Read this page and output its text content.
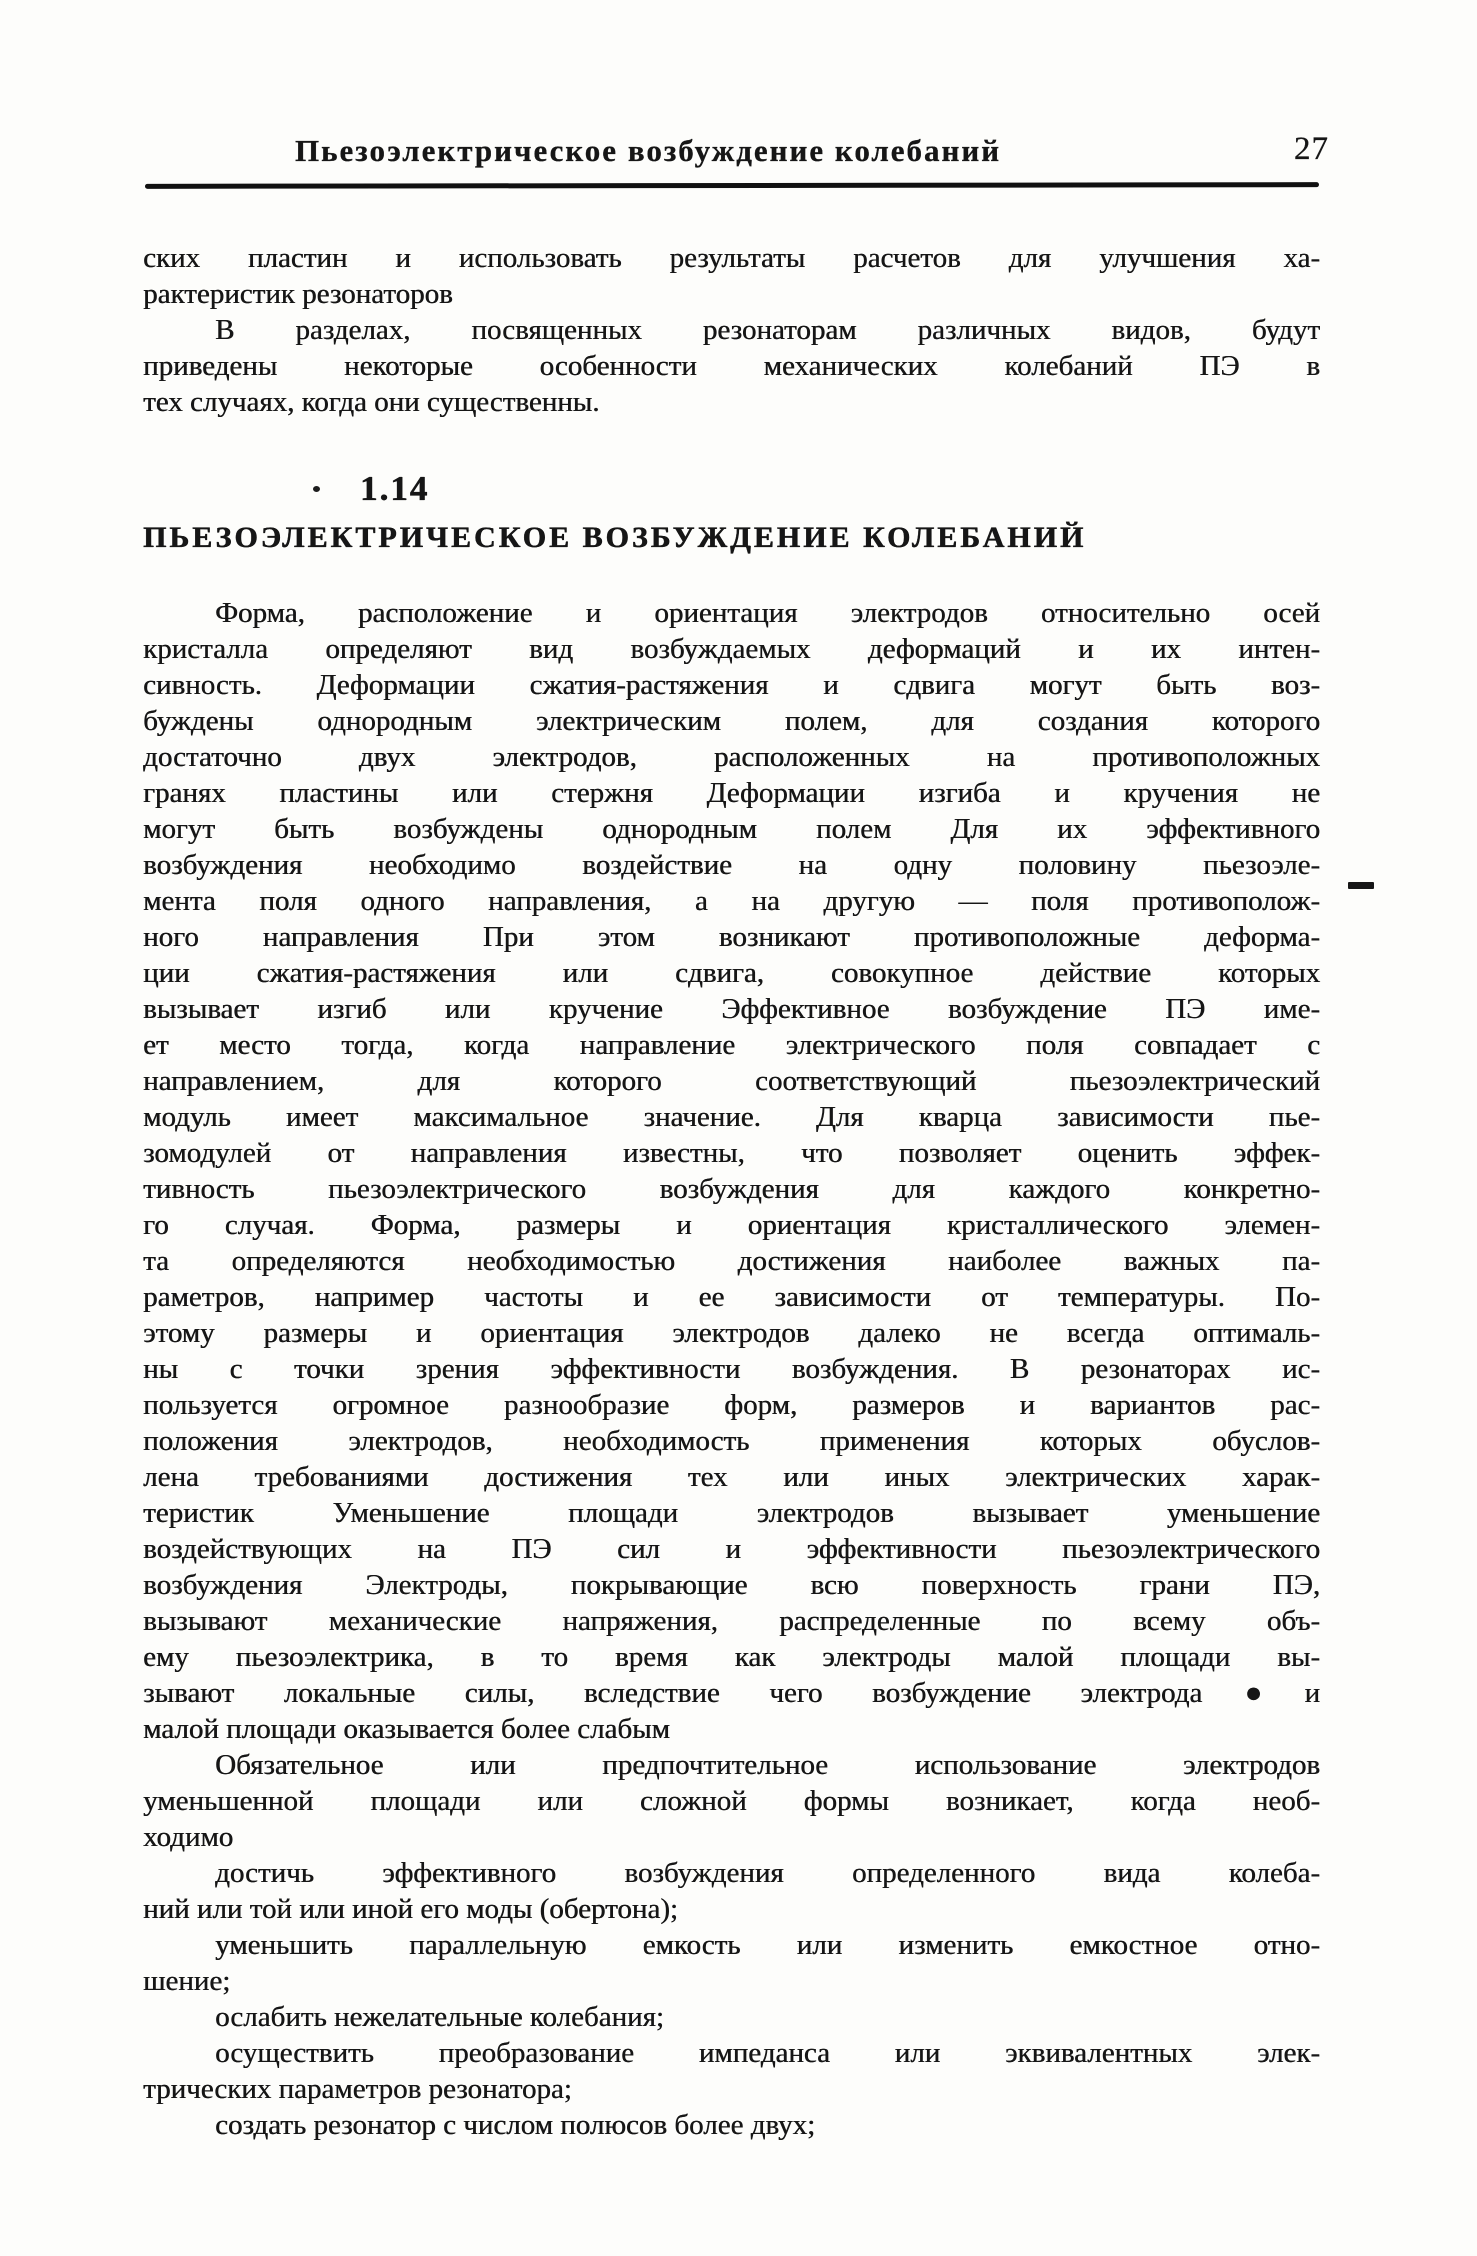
Пьезоэлектрическое возбуждение колебаний	27
ских пластин и использовать результаты расчетов для улучшения ха-
рактеристик резонаторов
В разделах, посвященных резонаторам различных видов, будут
приведены некоторые особенности механических колебаний ПЭ в
тех случаях, когда они существенны.
1.14
ПЬЕЗОЭЛЕКТРИЧЕСКОЕ ВОЗБУЖДЕНИЕ КОЛЕБАНИЙ
Форма, расположение и ориентация электродов относительно осей
кристалла определяют вид возбуждаемых деформаций и их интен-
сивность. Деформации сжатия-растяжения и сдвига могут быть воз-
буждены однородным электрическим полем, для создания которого
достаточно двух электродов, расположенных на противоположных
гранях пластины или стержня Деформации изгиба и кручения не
могут быть возбуждены однородным полем Для их эффективного
возбуждения необходимо воздействие на одну половину пьезоэле-
мента поля одного направления, а на другую — поля противополож-
ного направления При этом возникают противоположные деформа-
ции сжатия-растяжения или сдвига, совокупное действие которых
вызывает изгиб или кручение Эффективное возбуждение ПЭ име-
ет место тогда, когда направление электрического поля совпадает с
направлением, для которого соответствующий пьезоэлектрический
модуль имеет максимальное значение. Для кварца зависимости пье-
зомодулей от направления известны, что позволяет оценить эффек-
тивность пьезоэлектрического возбуждения для каждого конкретно-
го случая. Форма, размеры и ориентация кристаллического элемен-
та определяются необходимостью достижения наиболее важных па-
раметров, например частоты и ее зависимости от температуры. По-
этому размеры и ориентация электродов далеко не всегда оптималь-
ны с точки зрения эффективности возбуждения. В резонаторах ис-
пользуется огромное разнообразие форм, размеров и вариантов рас-
положения электродов, необходимость применения которых обуслов-
лена требованиями достижения тех или иных электрических харак-
теристик Уменьшение площади электродов вызывает уменьшение
воздействующих на ПЭ сил и эффективности пьезоэлектрического
возбуждения Электроды, покрывающие всю поверхность грани ПЭ,
вызывают механические напряжения, распределенные по всему объ-
ему пьезоэлектрика, в то время как электроды малой площади вы-
зывают локальные силы, вследствие чего возбуждение электрода●и
малой площади оказывается более слабым
Обязательное или предпочтительное использование электродов
уменьшенной площади или сложной формы возникает, когда необ-
ходимо
достичь эффективного возбуждения определенного вида колеба-
ний или той или иной его моды (обертона);
уменьшить параллельную емкость или изменить емкостное отно-
шение;
ослабить нежелательные колебания;
осуществить преобразование импеданса или эквивалентных элек-
трических параметров резонатора;
создать резонатор с числом полюсов более двух;
